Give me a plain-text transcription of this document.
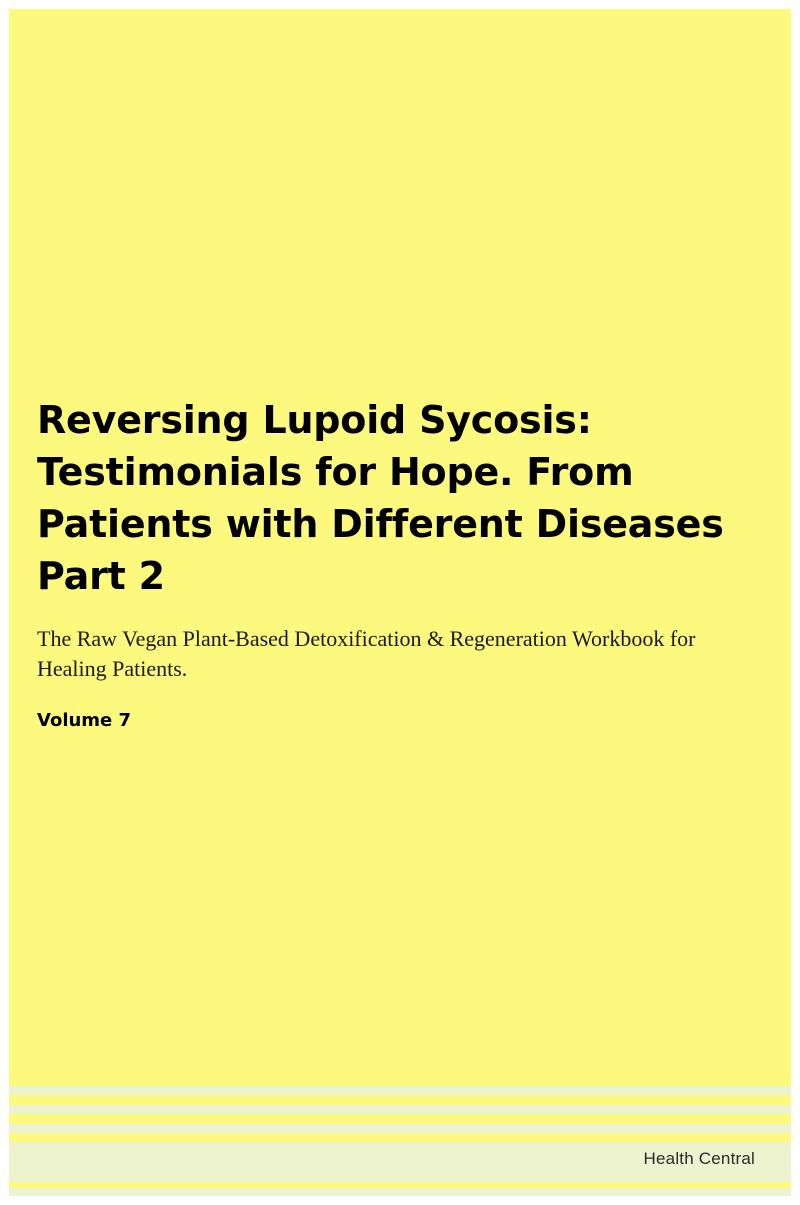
Reversing Lupoid Sycosis: Testimonials for Hope. From Patients with Different Diseases Part 2

The Raw Vegan Plant-Based Detoxification & Regeneration Workbook for Healing Patients.

Volume 7

Health Central
